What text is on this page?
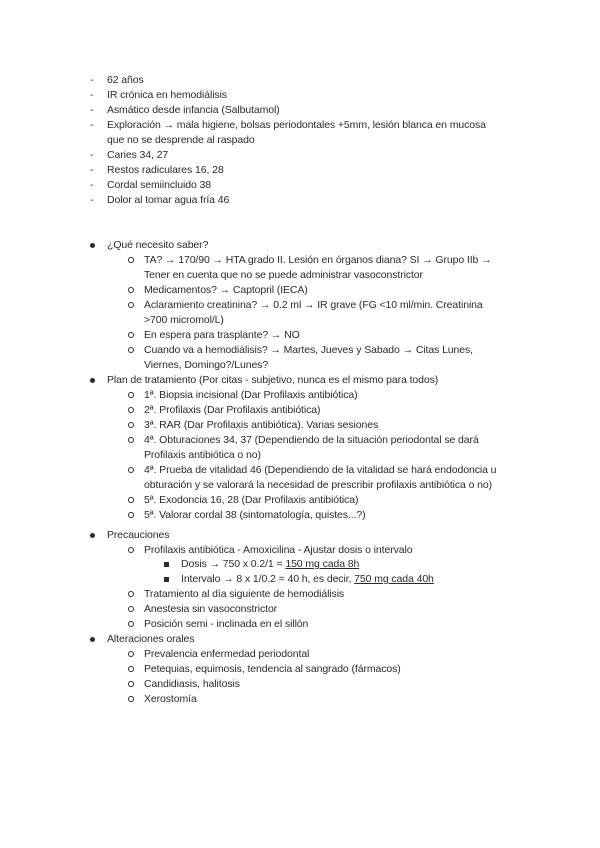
- 62 años
- IR crónica en hemodiálisis
- Asmático desde infancia (Salbutamol)
- Exploración → mala higiene, bolsas periodontales +5mm, lesión blanca en mucosa
que no se desprende al raspado
- Caries 34, 27
- Restos radiculares 16, 28
- Cordal semiincluido 38
- Dolor al tomar agua fría 46
¿Qué necesito saber?
TA? → 170/90 → HTA grado II. Lesión en órganos diana? SI → Grupo IIb →
Tener en cuenta que no se puede administrar vasoconstrictor
Medicamentos? → Captopril (IECA)
Aclaramiento creatinina? → 0.2 ml → IR grave (FG <10 ml/min. Creatinina
>700 micromol/L)
En espera para trasplante? → NO
Cuando va a hemodiálisis? → Martes, Jueves y Sabado → Citas Lunes,
Viernes, Domingo?/Lunes?
Plan de tratamiento (Por citas - subjetivo, nunca es el mismo para todos)
1ª. Biopsia incisional (Dar Profilaxis antibiótica)
2ª. Profilaxis (Dar Profilaxis antibiótica)
3ª. RAR (Dar Profilaxis antibiótica). Varias sesiones
4ª. Obturaciones 34, 37 (Dependiendo de la situación periodontal se dará
Profilaxis antibiótica o no)
4ª. Prueba de vitalidad 46 (Dependiendo de la vitalidad se hará endodoncia u
obturación y se valorará la necesidad de prescribir profilaxis antibiótica o no)
5ª. Exodoncia 16, 28 (Dar Profilaxis antibiótica)
5ª. Valorar cordal 38 (sintomatología, quistes...?)
Precauciones
Profilaxis antibiótica - Amoxicilina - Ajustar dosis o intervalo
Dosis → 750 x 0.2/1 = 150 mg cada 8h
Intervalo → 8 x 1/0.2 = 40 h, es decir, 750 mg cada 40h
Tratamiento al día siguiente de hemodiálisis
Anestesia sin vasoconstrictor
Posición semi - inclinada en el sillón
Alteraciones orales
Prevalencia enfermedad periodontal
Petequias, equimosis, tendencia al sangrado (fármacos)
Candidiasis, halitosis
Xerostomía
